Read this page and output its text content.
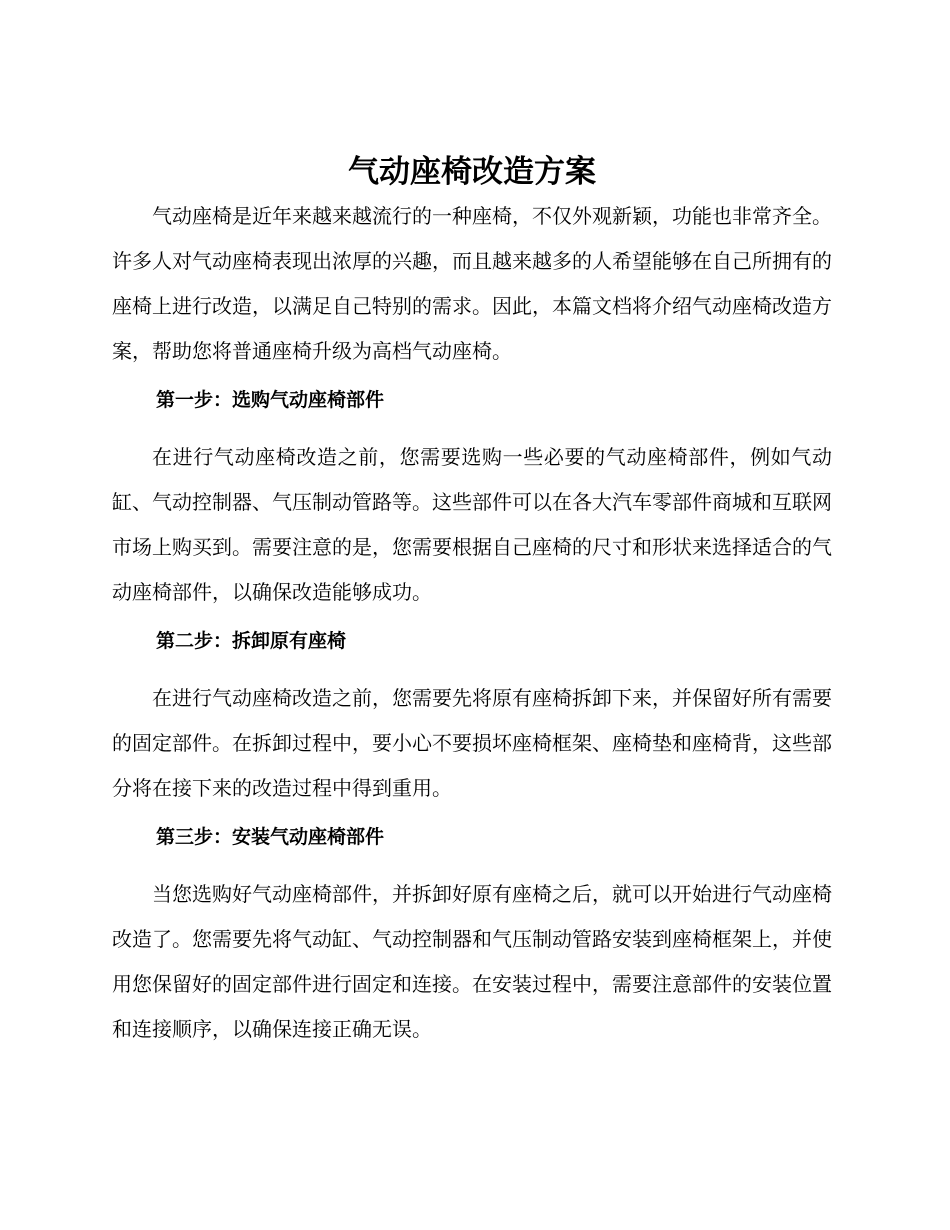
气动座椅改造方案

气动座椅是近年来越来越流行的一种座椅，不仅外观新颖，功能也非常齐全。许多人对气动座椅表现出浓厚的兴趣，而且越来越多的人希望能够在自己所拥有的座椅上进行改造，以满足自己特别的需求。因此，本篇文档将介绍气动座椅改造方案，帮助您将普通座椅升级为高档气动座椅。

第一步：选购气动座椅部件

在进行气动座椅改造之前，您需要选购一些必要的气动座椅部件，例如气动缸、气动控制器、气压制动管路等。这些部件可以在各大汽车零部件商城和互联网市场上购买到。需要注意的是，您需要根据自己座椅的尺寸和形状来选择适合的气动座椅部件，以确保改造能够成功。

第二步：拆卸原有座椅

在进行气动座椅改造之前，您需要先将原有座椅拆卸下来，并保留好所有需要的固定部件。在拆卸过程中，要小心不要损坏座椅框架、座椅垫和座椅背，这些部分将在接下来的改造过程中得到重用。

第三步：安装气动座椅部件

当您选购好气动座椅部件，并拆卸好原有座椅之后，就可以开始进行气动座椅改造了。您需要先将气动缸、气动控制器和气压制动管路安装到座椅框架上，并使用您保留好的固定部件进行固定和连接。在安装过程中，需要注意部件的安装位置和连接顺序，以确保连接正确无误。
